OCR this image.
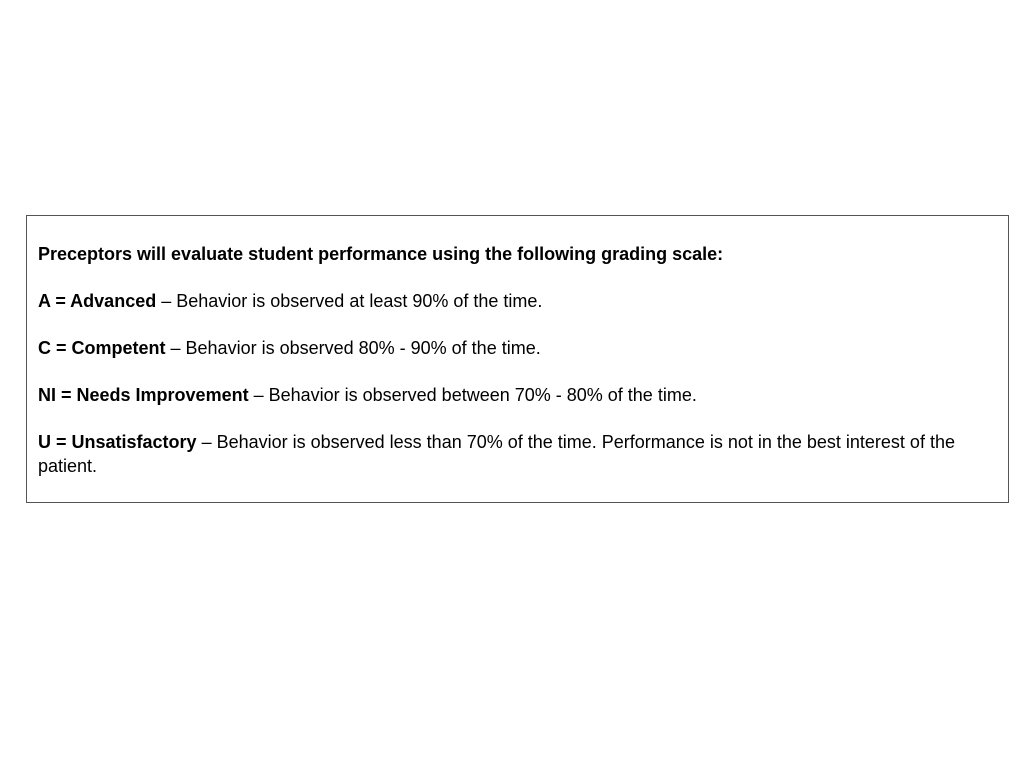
Preceptors will evaluate student performance using the following grading scale:

A = Advanced – Behavior is observed at least 90% of the time.

C = Competent – Behavior is observed 80% - 90% of the time.

NI = Needs Improvement – Behavior is observed between 70% - 80% of the time.

U = Unsatisfactory – Behavior is observed less than 70% of the time. Performance is not in the best interest of the patient.
